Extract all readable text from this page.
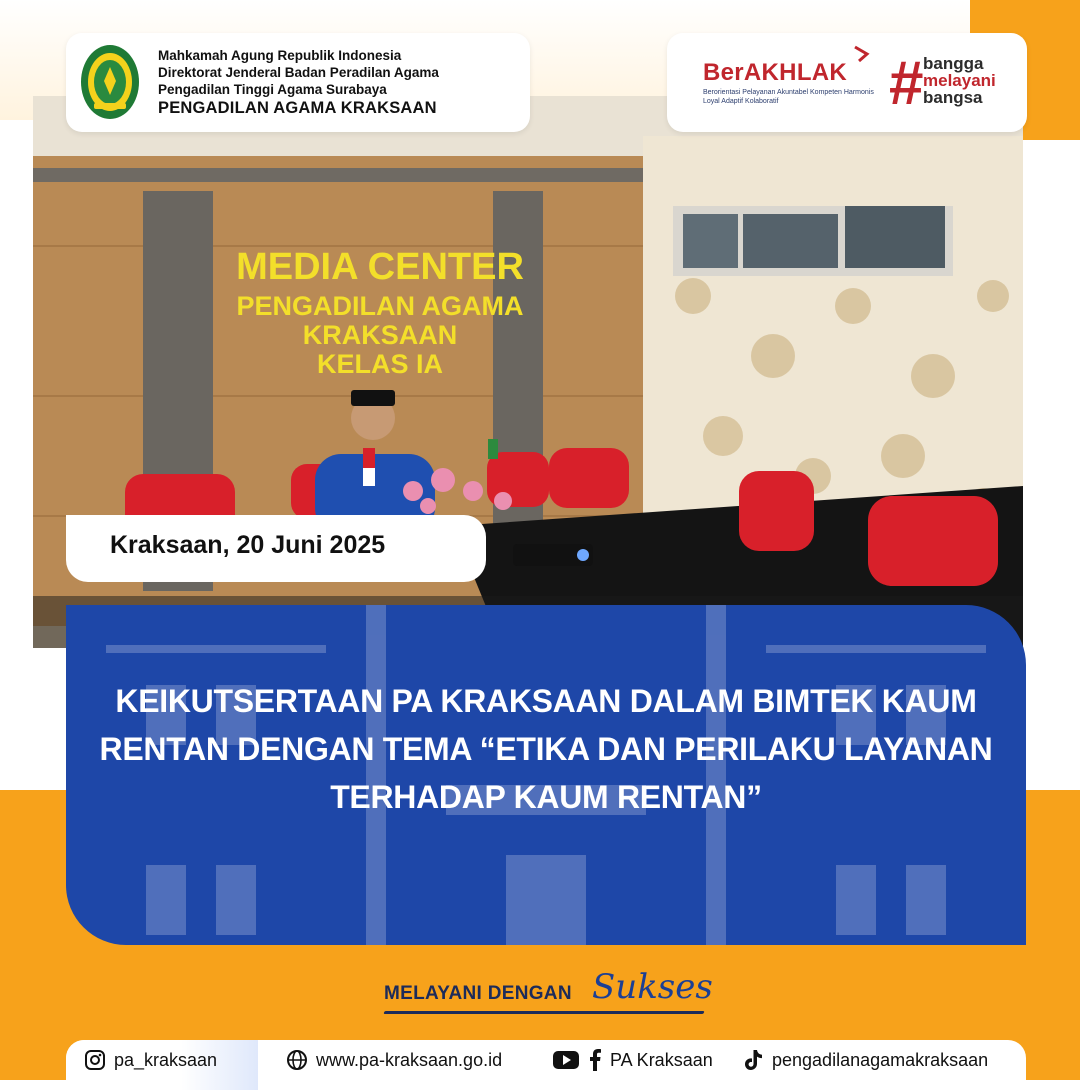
MEDIA CENTER
PENGADILAN AGAMA
KRAKSAAN
KELAS IA
Mahkamah Agung Republik Indonesia
Direktorat Jenderal Badan Peradilan Agama
Pengadilan Tinggi Agama Surabaya
PENGADILAN AGAMA KRAKSAAN
BerAKHLAK
Berorientasi Pelayanan Akuntabel Kompeten Harmonis Loyal Adaptif Kolaboratif	# bangga
melayani
bangsa
Kraksaan, 20 Juni 2025
KEIKUTSERTAAN PA KRAKSAAN DALAM BIMTEK KAUM
RENTAN DENGAN TEMA “ETIKA DAN PERILAKU LAYANAN
TERHADAP KAUM RENTAN”
MELAYANI DENGAN Sukses
pa_kraksaan	www.pa-kraksaan.go.id	PA Kraksaan	pengadilanagamakraksaan
